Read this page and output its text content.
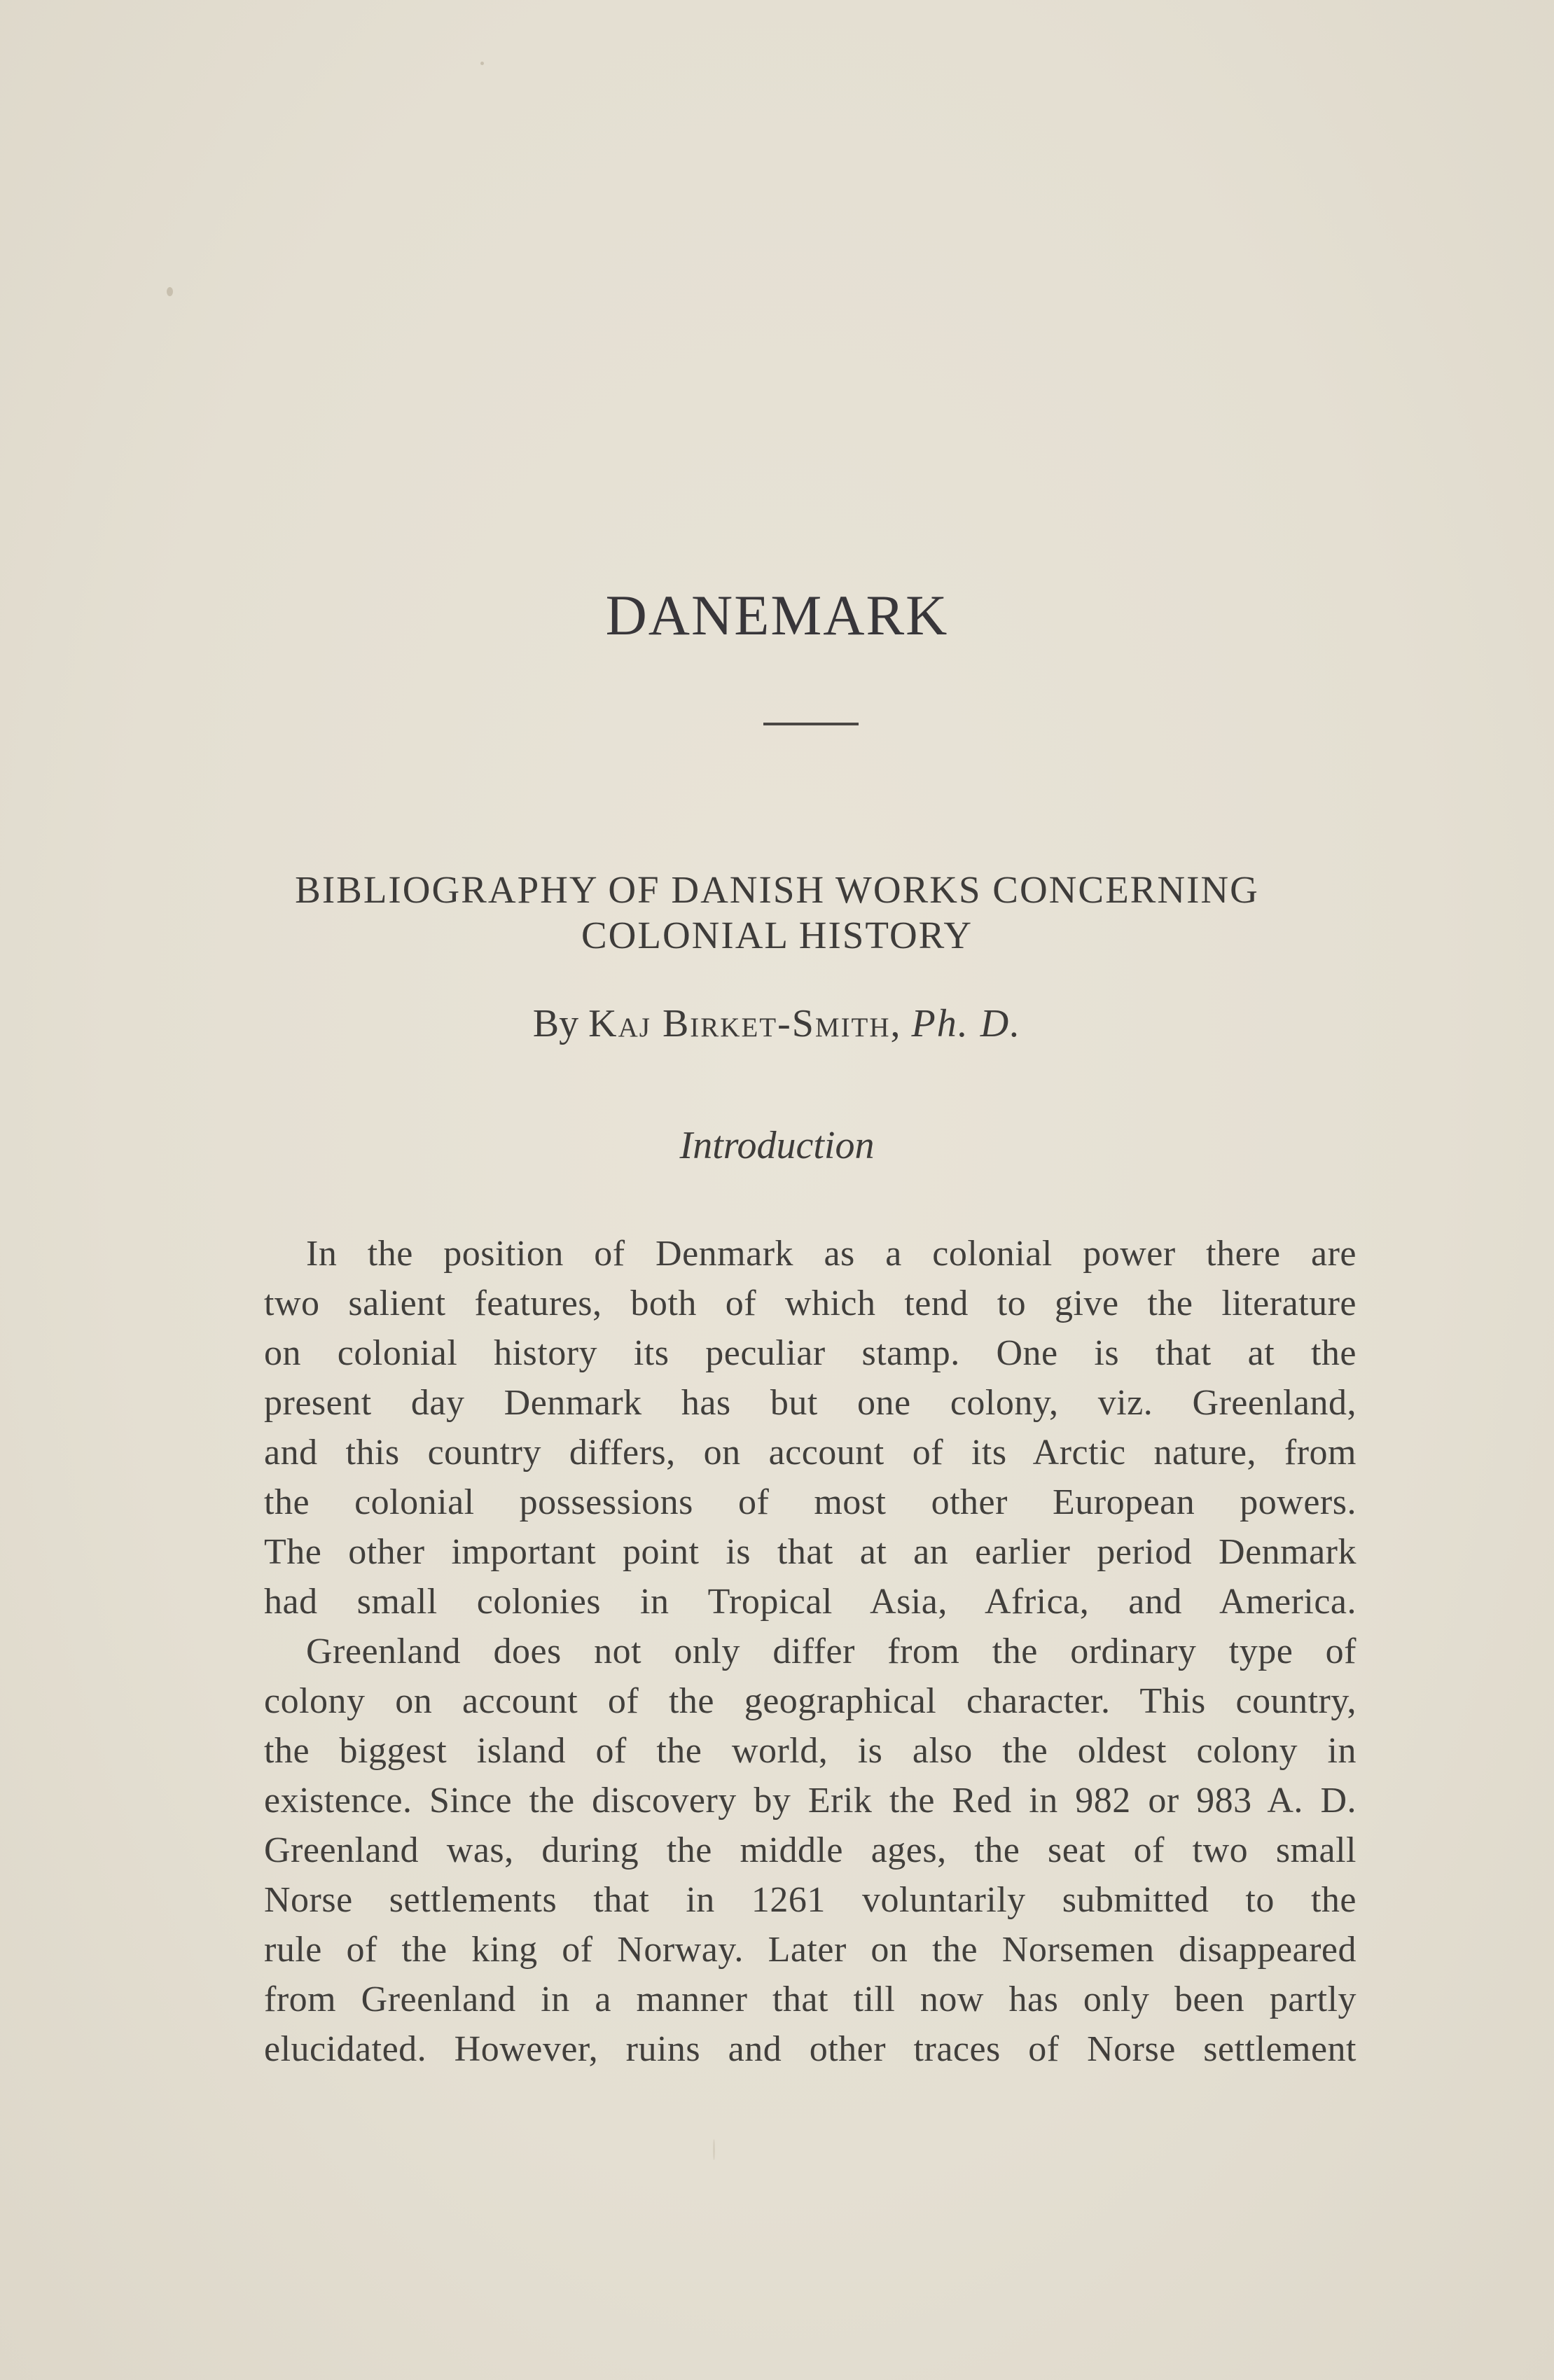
DANEMARK
BIBLIOGRAPHY OF DANISH WORKS CONCERNING
COLONIAL HISTORY
By Kaj Birket-Smith, Ph. D.
Introduction
In the position of Denmark as a colonial power there are
two salient features, both of which tend to give the literature
on colonial history its peculiar stamp. One is that at the
present day Denmark has but one colony, viz. Greenland,
and this country differs, on account of its Arctic nature, from
the colonial possessions of most other European powers.
The other important point is that at an earlier period Denmark
had small colonies in Tropical Asia, Africa, and America.
Greenland does not only differ from the ordinary type of
colony on account of the geographical character. This country,
the biggest island of the world, is also the oldest colony in
existence. Since the discovery by Erik the Red in 982 or 983 A. D.
Greenland was, during the middle ages, the seat of two small
Norse settlements that in 1261 voluntarily submitted to the
rule of the king of Norway. Later on the Norsemen disappeared
from Greenland in a manner that till now has only been partly
elucidated. However, ruins and other traces of Norse settlement
